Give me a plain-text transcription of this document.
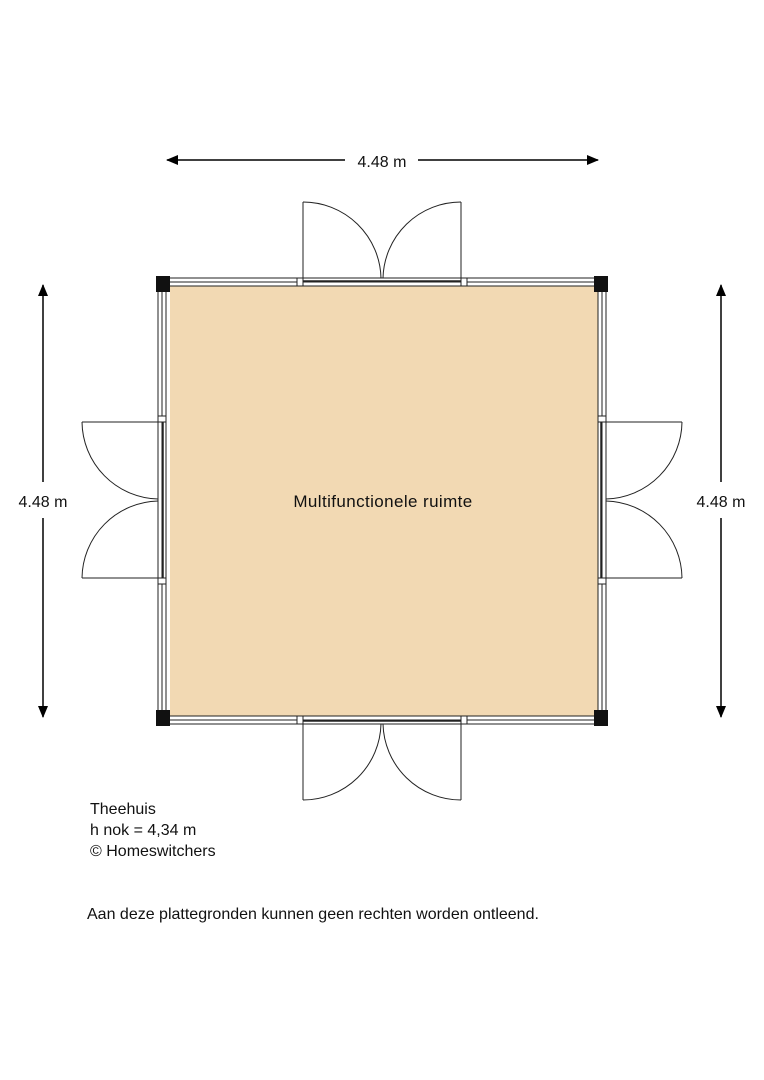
Multifunctionele ruimte
4.48 m
4.48 m	4.48 m
Theehuis
h nok = 4,34 m
© Homeswitchers
Aan deze plattegronden kunnen geen rechten worden ontleend.
